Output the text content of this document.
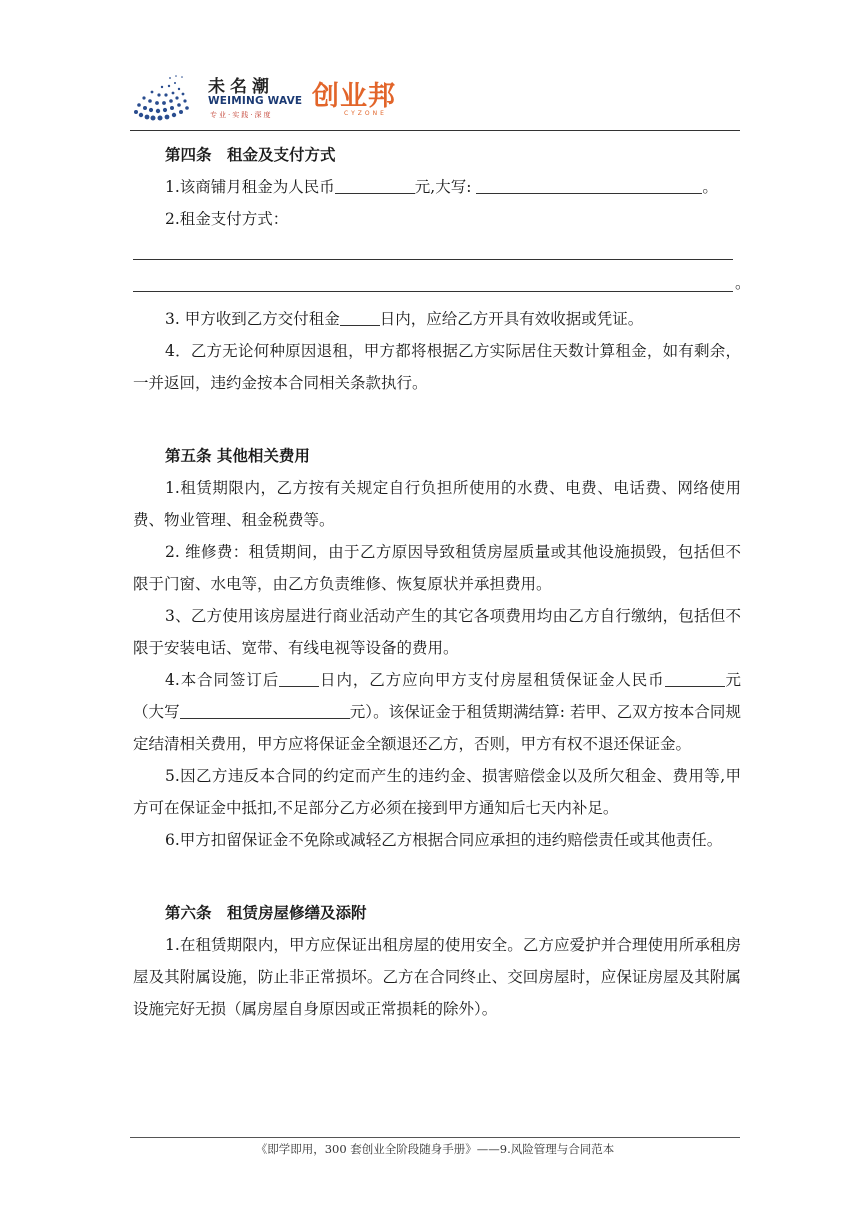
未名潮
WEIMING WAVE
专业·实践·深度
创业邦
CYZONE

第四条　租金及支付方式

1.该商铺月租金为人民币	元,大写:	。

2.租金支付方式：

。

3. 甲方收到乙方交付租金	日内，应给乙方开具有效收据或凭证。

4．乙方无论何种原因退租，甲方都将根据乙方实际居住天数计算租金，如有剩余，一并返回，违约金按本合同相关条款执行。

第五条 其他相关费用

1.租赁期限内，乙方按有关规定自行负担所使用的水费、电费、电话费、网络使用费、物业管理、租金税费等。

2. 维修费：租赁期间，由于乙方原因导致租赁房屋质量或其他设施损毁，包括但不限于门窗、水电等，由乙方负责维修、恢复原状并承担费用。

3、乙方使用该房屋进行商业活动产生的其它各项费用均由乙方自行缴纳，包括但不限于安装电话、宽带、有线电视等设备的费用。

4.本合同签订后	日内，乙方应向甲方支付房屋租赁保证金人民币	元（大写	元）。该保证金于租赁期满结算: 若甲、乙双方按本合同规定结清相关费用，甲方应将保证金全额退还乙方，否则，甲方有权不退还保证金。

5.因乙方违反本合同的约定而产生的违约金、损害赔偿金以及所欠租金、费用等,甲方可在保证金中抵扣,不足部分乙方必须在接到甲方通知后七天内补足。

6.甲方扣留保证金不免除或减轻乙方根据合同应承担的违约赔偿责任或其他责任。

第六条　租赁房屋修缮及添附

1.在租赁期限内，甲方应保证出租房屋的使用安全。乙方应爱护并合理使用所承租房屋及其附属设施，防止非正常损坏。乙方在合同终止、交回房屋时，应保证房屋及其附属设施完好无损（属房屋自身原因或正常损耗的除外）。

《即学即用，300 套创业全阶段随身手册》——9.风险管理与合同范本
